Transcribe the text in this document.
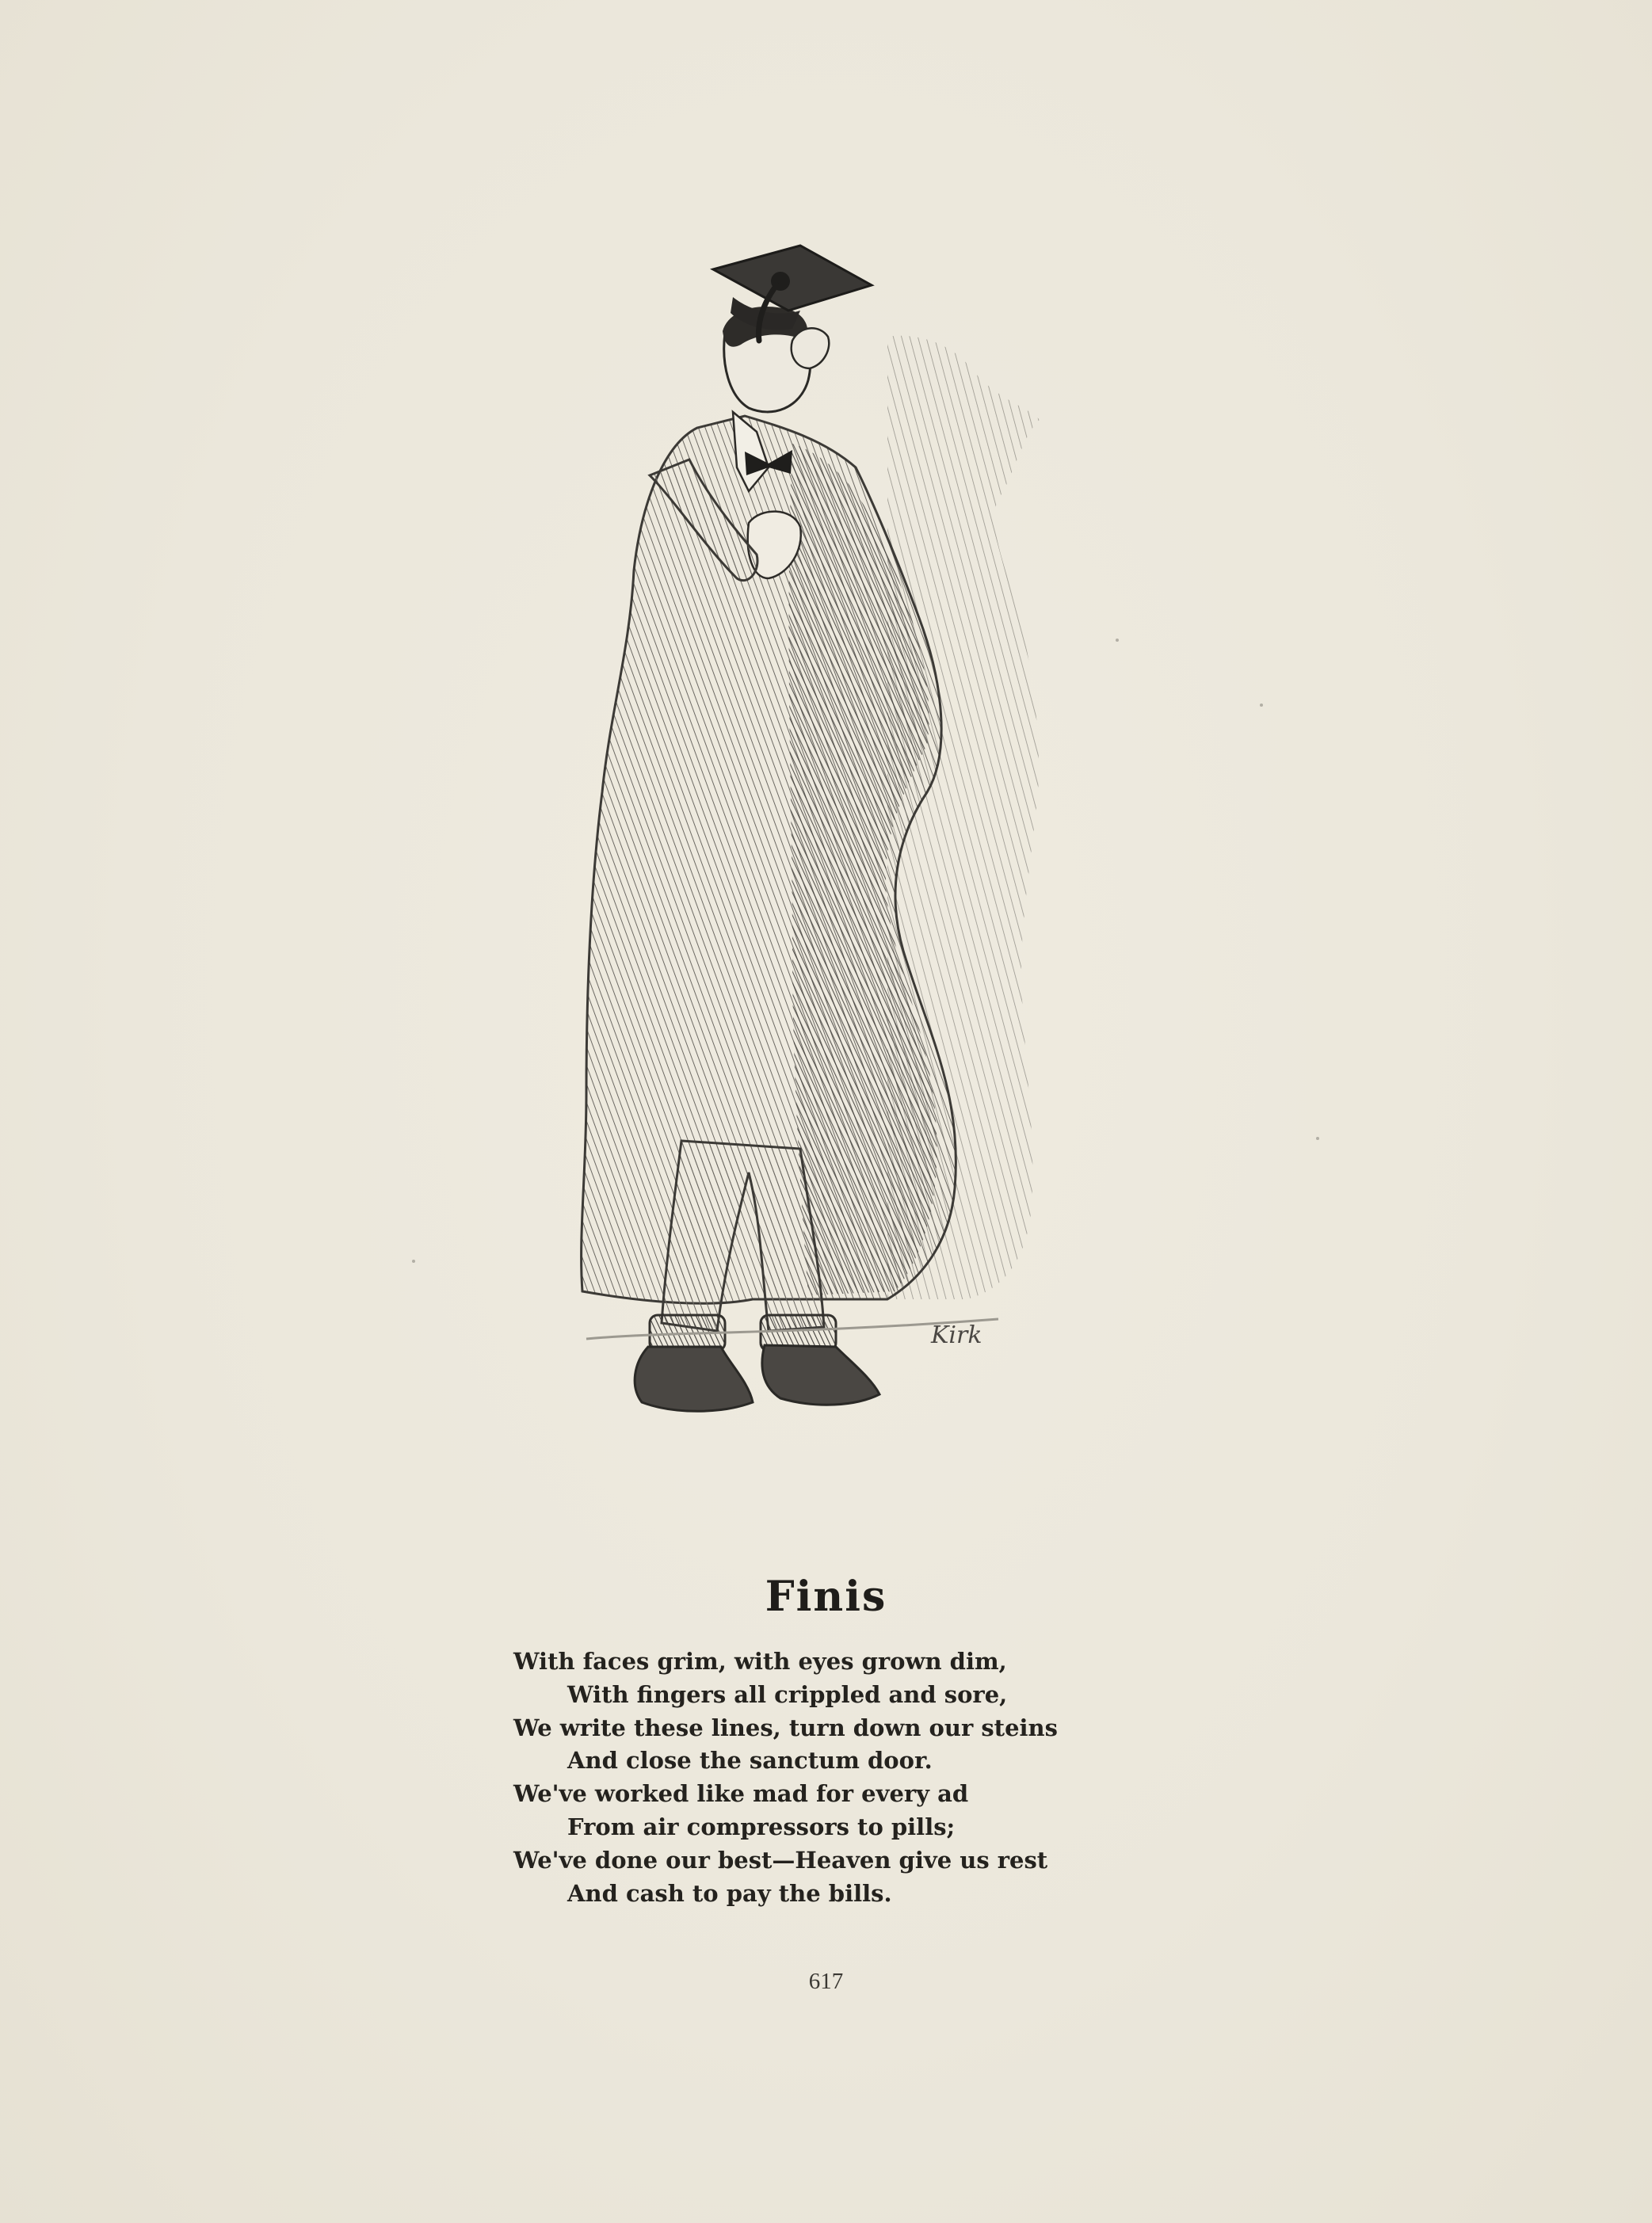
Kirk
Finis
With faces grim, with eyes grown dim,
With fingers all crippled and sore,
We write these lines, turn down our steins
And close the sanctum door.
We've worked like mad for every ad
From air compressors to pills;
We've done our best—Heaven give us rest
And cash to pay the bills.
617
